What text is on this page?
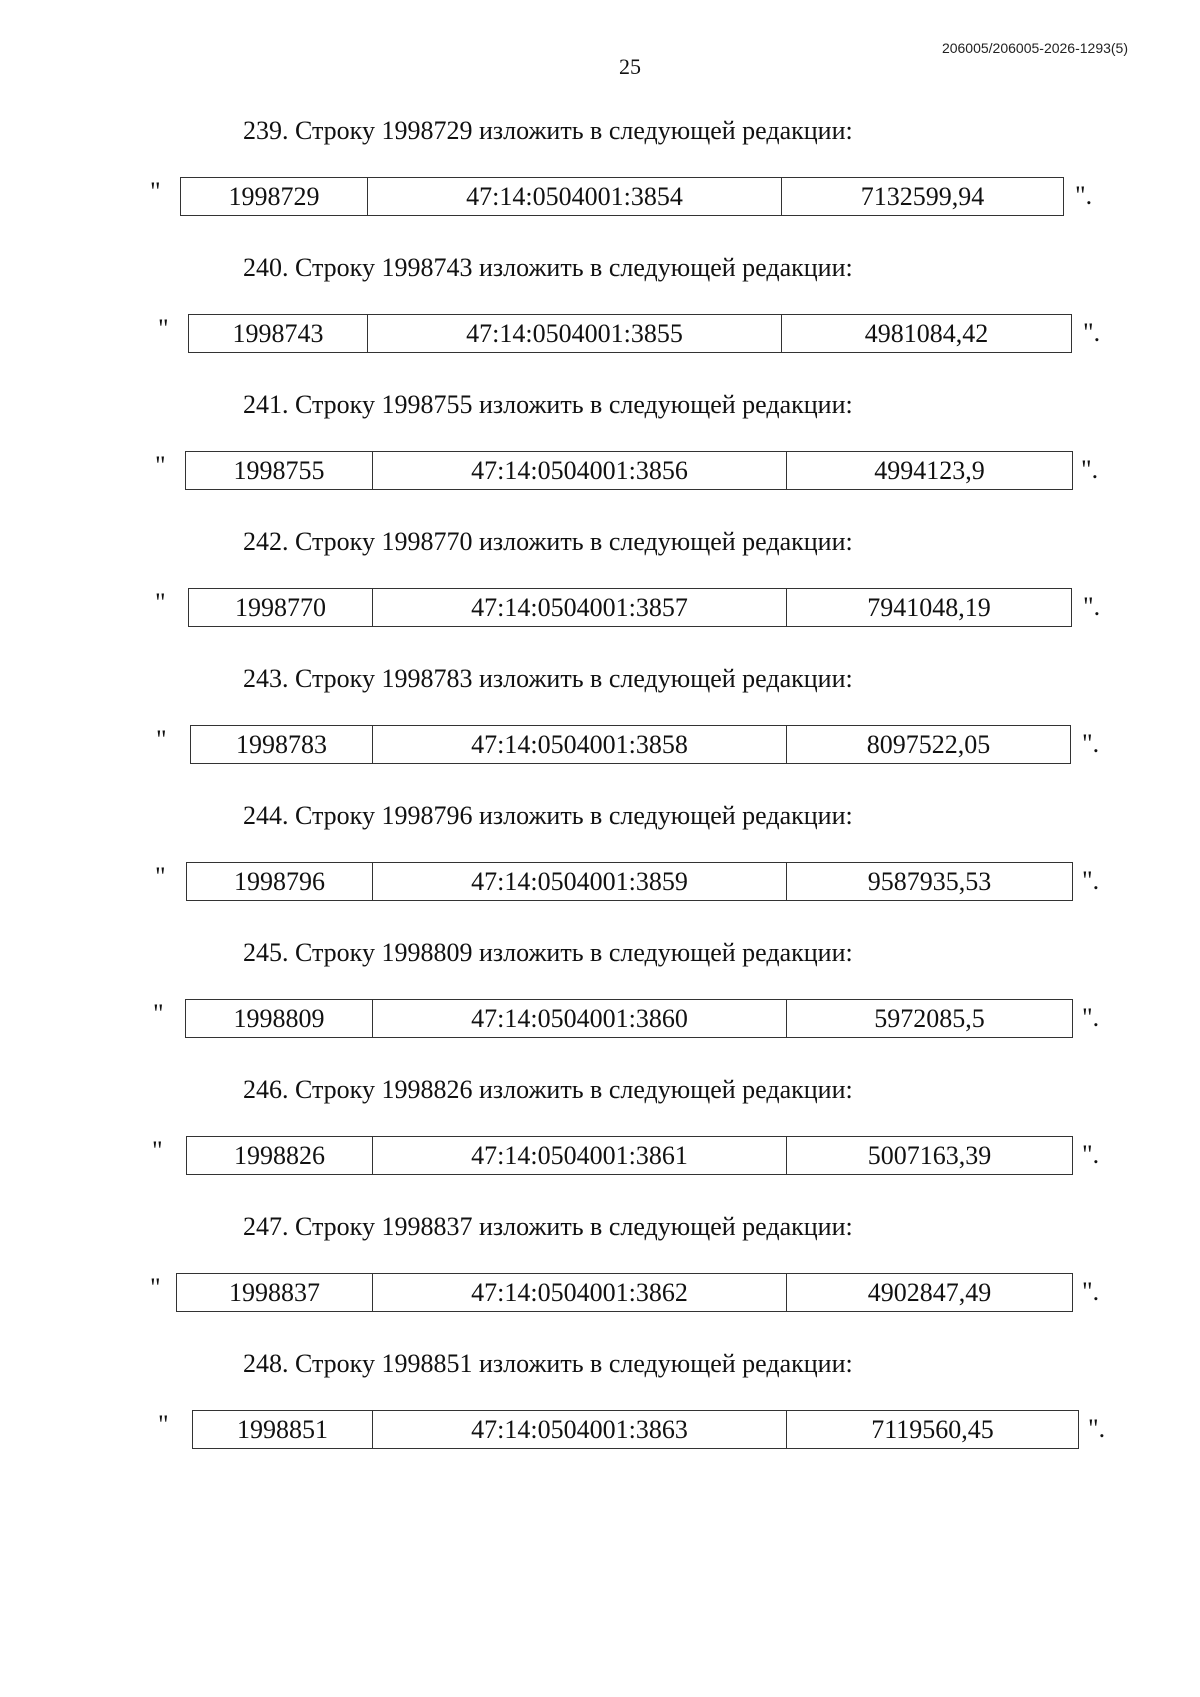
206005/206005-2026-1293(5)
25
239. Строку 1998729 изложить в следующей редакции:
"	1998729	47:14:0504001:3854	7132599,94	".
240. Строку 1998743 изложить в следующей редакции:
" 1998743	47:14:0504001:3855	4981084,42	".
241. Строку 1998755 изложить в следующей редакции:
"	1998755	47:14:0504001:3856	4994123,9	".
242. Строку 1998770 изложить в следующей редакции:
"	1998770	47:14:0504001:3857	7941048,19	".
243. Строку 1998783 изложить в следующей редакции:
"	1998783	47:14:0504001:3858	8097522,05	".
244. Строку 1998796 изложить в следующей редакции:
"	1998796	47:14:0504001:3859	9587935,53	".
245. Строку 1998809 изложить в следующей редакции:
"	1998809	47:14:0504001:3860	5972085,5	".
246. Строку 1998826 изложить в следующей редакции:
"	1998826	47:14:0504001:3861	5007163,39	".
247. Строку 1998837 изложить в следующей редакции:
"	1998837	47:14:0504001:3862	4902847,49	".
248. Строку 1998851 изложить в следующей редакции:
"	1998851	47:14:0504001:3863	7119560,45	".
